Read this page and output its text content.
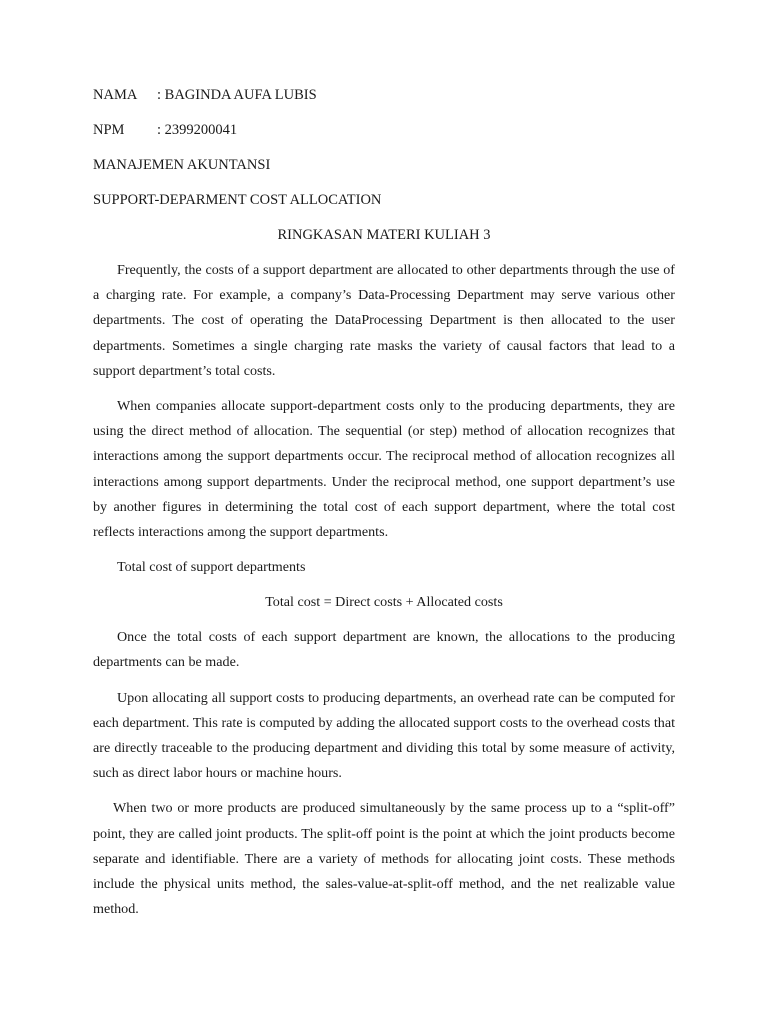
NAMA : BAGINDA AUFA LUBIS
NPM : 2399200041
MANAJEMEN AKUNTANSI
SUPPORT-DEPARMENT COST ALLOCATION
RINGKASAN MATERI KULIAH 3

Frequently, the costs of a support department are allocated to other departments through the use of a charging rate. For example, a company’s Data-Processing Department may serve various other departments. The cost of operating the DataProcessing Department is then allocated to the user departments. Sometimes a single charging rate masks the variety of causal factors that lead to a support department’s total costs.

When companies allocate support-department costs only to the producing departments, they are using the direct method of allocation. The sequential (or step) method of allocation recognizes that interactions among the support departments occur. The reciprocal method of allocation recognizes all interactions among support departments. Under the reciprocal method, one support department’s use by another figures in determining the total cost of each support department, where the total cost reflects interactions among the support departments.

Total cost of support departments

Total cost = Direct costs + Allocated costs

Once the total costs of each support department are known, the allocations to the producing departments can be made.

Upon allocating all support costs to producing departments, an overhead rate can be computed for each department. This rate is computed by adding the allocated support costs to the overhead costs that are directly traceable to the producing department and dividing this total by some measure of activity, such as direct labor hours or machine hours.

When two or more products are produced simultaneously by the same process up to a “split-off” point, they are called joint products. The split-off point is the point at which the joint products become separate and identifiable. There are a variety of methods for allocating joint costs. These methods include the physical units method, the sales-value-at-split-off method, and the net realizable value method.
